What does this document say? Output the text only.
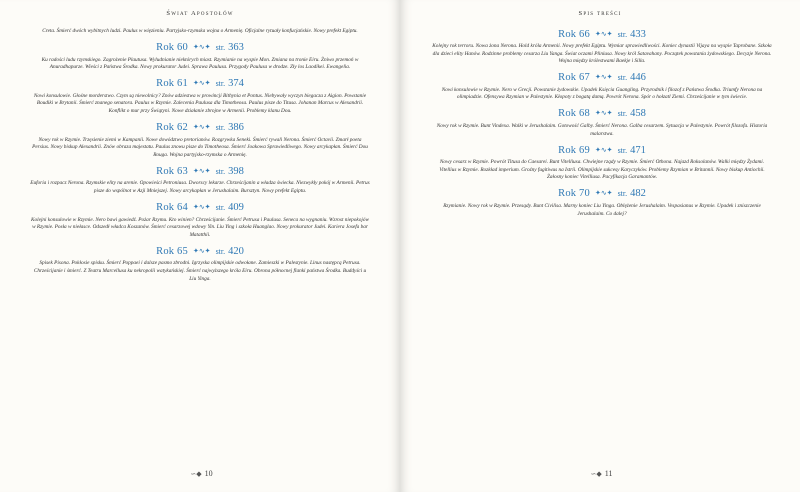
Świat Apostołów

Creta. Śmierć dwóch wybitnych ludzi. Paulus w więzieniu. Partyjsko-rzymska wojna o Armenię. Oficjalne rytuały konfucjańskie. Nowy prefekt Egiptu.

Rok 60 ✦∿✦ str. 363

Ku radości ludu rzymskiego. Zagrożenie Plautusa. Wyludnianie niektórych miast. Rzymianie na wyspie Mon. Zmiana na tronie Eiru. Żniwo przemoń w Anuradhapurze. Wieści z Państwa Środka. Nowy prokurator Judei. Sprawa Paulusa. Przygody Paulusa w drodze. Zły los Laodikei. Ewangelia.

Rok 61 ✦∿✦ str. 374

Nowi konsulowie. Głośne morderstwo. Czym są niewolnicy? Znów adziestwa w prowincji Bithynia et Pontus. Niebywały wyczyn biegacza z Aigion. Powstanie Boudiki w Brytanii. Śmierć znanego senatora. Paulus w Rzymie. Zalecenia Paulusa dla Timotheosa. Paulus pisze do Titusa. Johanan Marcus w Alexandrii. Konflikt o mur przy Świątyni. Nowe działanie zbrojne w Armenii. Problemy klanu Dou.

Rok 62 ✦∿✦ str. 386

Nowy rok w Rzymie. Trzęsienie ziemi w Kampanii. Nowe dowództwo pretorianów. Rozgrywka Seneki. Śmierć rywali Nerona. Śmierć Octavii. Zmarł poeta Persius. Nowy biskup Alexandrii. Znów obraza majestatu. Paulus znowu pisze do Timotheosa. Śmierć Joakowa Sprawiedliwego. Nowy arcykapłan. Śmierć Dou Rouga. Wojna partyjsko-rzymska o Armenię.

Rok 63 ✦∿✦ str. 398

Euforia i rozpacz Nerona. Rzymskie elity na arenie. Opowieści Petroniusa. Dworscy lekarze. Chrześcijanin a władza świecka. Niezwykły pokój w Armenii. Petrus pisze do wspólnot w Azji Mniejszej. Nowy arcykapłan w Jerushalaim. Bursztyn. Nowy prefekt Egiptu.

Rok 64 ✦∿✦ str. 409

Kolejni konsulowie w Rzymie. Nero bawi gawiedź. Pożar Rzymu. Kto winien? Chrześcijanie. Śmierć Petrusa i Paulusa. Seneca na wygnaniu. Wzrost niepokojów w Rzymie. Posła w niełasce. Odszedł władca Koszanów. Śmierć cesarzowej wdowy Yin. Liu Ying i szkoła Huanglao. Nowy prokurator Judei. Kariera Josefa bar Matatthii.

Rok 65 ✦∿✦ str. 420

Spisek Pisona. Pokłosie spisku. Śmierć Poppaei i dalsze pasmo zbrodni. Igrzyska olimpijskie odwołane. Zamieszki w Palestynie. Linus następcą Petrusa. Chrześcijanie i śmierć. Z Teatru Marcellusa ku nekropolii watykańskiej. Śmierć najwyższego króla Eiru. Obrona północnej flanki państwa Środka. Buddyści u Liu Yinga.

∽◆ 10
Spis treści
Rok 66 ✦∿✦ str. 433

Kolejny rok terroru. Nowa żona Nerona. Hold króla Armenii. Nowy prefekt Egiptu. Wymiar sprawiedliwości. Koniec dynastii Vijaya na wyspie Taprobane. Szkoła dla dzieci elity Hanów. Rodzinne problemy cesarza Liu Yanga. Świat oczami Pliniusa. Nowy król Satavahany. Początek powstania żydowskiego. Decyzje Nerona. Wojna między królestwami Baekje i Silla.

Rok 67 ✦∿✦ str. 446

Nowi konsulowie w Rzymie. Nero w Grecji. Powstanie żydowskie. Upadek Księcia Guangling. Przyrodnik i filozof z Państwa Środka. Triumfy Nerona na olimpiadzie. Ofensywa Rzymian w Palestynie. Kłopoty z bogatą damą. Powrót Nerona. Spór o hołzatl Ziemi. Chrześcijanie w tym świecie.

Rok 68 ✦∿✦ str. 458

Nowy rok w Rzymie. Bunt Vindexa. Walki w Jerushalaim. Gotowość Galby. Śmierć Nerona. Galba cesarzem. Sytuacja w Palestynie. Powrót filozofa. Historia malarstwa.

Rok 69 ✦∿✦ str. 471

Nowy cesarz w Rzymie. Powrót Titusa do Caesarei. Bunt Vitelliusa. Chwiejne rządy w Rzymie. Śmierć Othona. Najazd Roksolanów. Walki między Żydami. Vitellius w Rzymie. Rozkład imperium. Groźny fugitiwus na Istrii. Olimpijskie sukcesy Karyczyków. Problemy Rzymian w Britannii. Nowy biskup Antiochii. Żałosny koniec Vitelliusa. Pacyfikacja Garamantów.

Rok 70 ✦∿✦ str. 482

Rzymianie. Nowy rok w Rzymie. Przesądy. Bunt Civilisa. Marny koniec Liu Yinga. Oblężenie Jerushalaim. Vespasianus w Rzymie. Upadek i zniszczenie Jerushalaim. Co dalej?

∽◆ 11
